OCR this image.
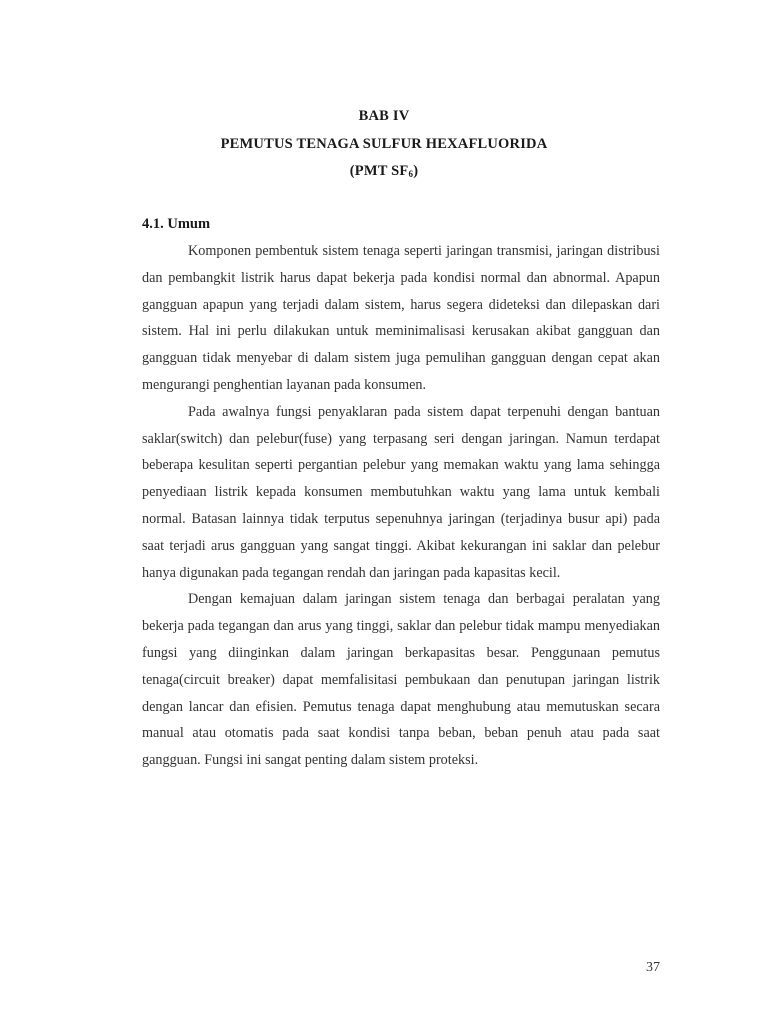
BAB IV
PEMUTUS TENAGA SULFUR HEXAFLUORIDA
(PMT $SF_6$)
4.1. Umum

Komponen pembentuk sistem tenaga seperti jaringan transmisi, jaringan distribusi dan pembangkit listrik harus dapat bekerja pada kondisi normal dan abnormal. Apapun gangguan apapun yang terjadi dalam sistem, harus segera dideteksi dan dilepaskan dari sistem. Hal ini perlu dilakukan untuk meminimalisasi kerusakan akibat gangguan dan gangguan tidak menyebar di dalam sistem juga pemulihan gangguan dengan cepat akan mengurangi penghentian layanan pada konsumen.

Pada awalnya fungsi penyaklaran pada sistem dapat terpenuhi dengan bantuan saklar(switch) dan pelebur(fuse) yang terpasang seri dengan jaringan. Namun terdapat beberapa kesulitan seperti pergantian pelebur yang memakan waktu yang lama sehingga penyediaan listrik kepada konsumen membutuhkan waktu yang lama untuk kembali normal. Batasan lainnya tidak terputus sepenuhnya jaringan (terjadinya busur api) pada saat terjadi arus gangguan yang sangat tinggi. Akibat kekurangan ini saklar dan pelebur hanya digunakan pada tegangan rendah dan jaringan pada kapasitas kecil.

Dengan kemajuan dalam jaringan sistem tenaga dan berbagai peralatan yang bekerja pada tegangan dan arus yang tinggi, saklar dan pelebur tidak mampu menyediakan fungsi yang diinginkan dalam jaringan berkapasitas besar. Penggunaan pemutus tenaga(circuit breaker) dapat memfalisitasi pembukaan dan penutupan jaringan listrik dengan lancar dan efisien. Pemutus tenaga dapat menghubung atau memutuskan secara manual atau otomatis pada saat kondisi tanpa beban, beban penuh atau pada saat gangguan. Fungsi ini sangat penting dalam sistem proteksi.

37
